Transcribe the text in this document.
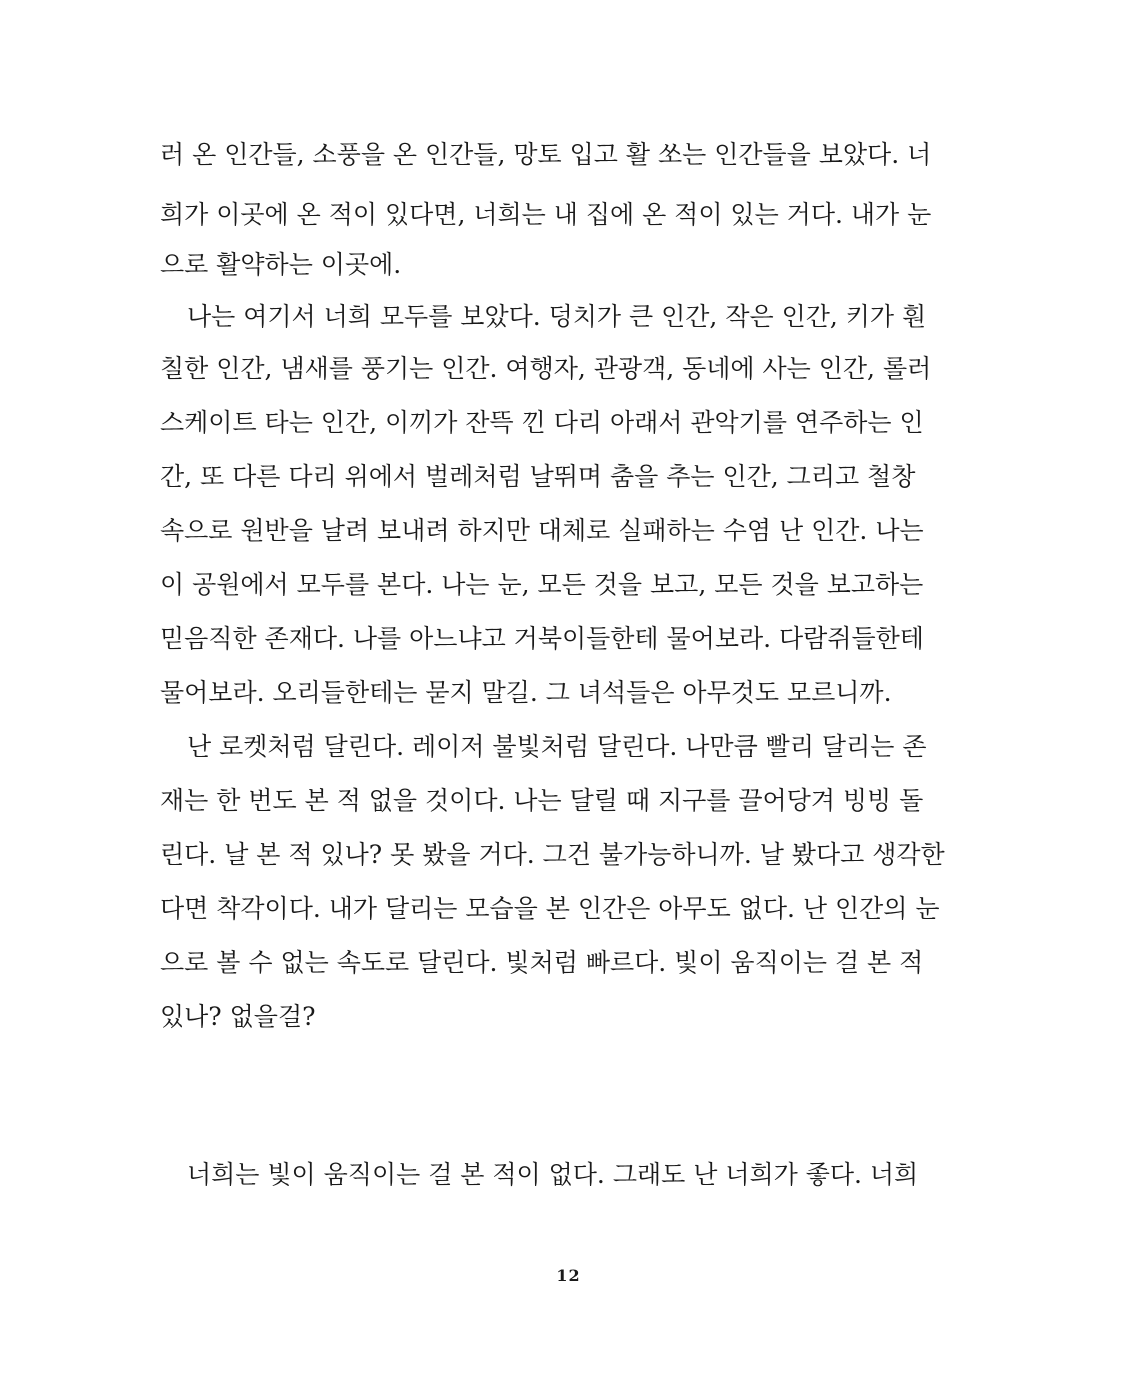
러 온 인간들, 소풍을 온 인간들, 망토 입고 활 쏘는 인간들을 보았다. 너
희가 이곳에 온 적이 있다면, 너희는 내 집에 온 적이 있는 거다. 내가 눈
으로 활약하는 이곳에.
나는 여기서 너희 모두를 보았다. 덩치가 큰 인간, 작은 인간, 키가 훤
칠한 인간, 냄새를 풍기는 인간. 여행자, 관광객, 동네에 사는 인간, 롤러
스케이트 타는 인간, 이끼가 잔뜩 낀 다리 아래서 관악기를 연주하는 인
간, 또 다른 다리 위에서 벌레처럼 날뛰며 춤을 추는 인간, 그리고 철창
속으로 원반을 날려 보내려 하지만 대체로 실패하는 수염 난 인간. 나는
이 공원에서 모두를 본다. 나는 눈, 모든 것을 보고, 모든 것을 보고하는
믿음직한 존재다. 나를 아느냐고 거북이들한테 물어보라. 다람쥐들한테
물어보라. 오리들한테는 묻지 말길. 그 녀석들은 아무것도 모르니까.
난 로켓처럼 달린다. 레이저 불빛처럼 달린다. 나만큼 빨리 달리는 존
재는 한 번도 본 적 없을 것이다. 나는 달릴 때 지구를 끌어당겨 빙빙 돌
린다. 날 본 적 있나? 못 봤을 거다. 그건 불가능하니까. 날 봤다고 생각한
다면 착각이다. 내가 달리는 모습을 본 인간은 아무도 없다. 난 인간의 눈
으로 볼 수 없는 속도로 달린다. 빛처럼 빠르다. 빛이 움직이는 걸 본 적
있나? 없을걸?
너희는 빛이 움직이는 걸 본 적이 없다. 그래도 난 너희가 좋다. 너희
12
